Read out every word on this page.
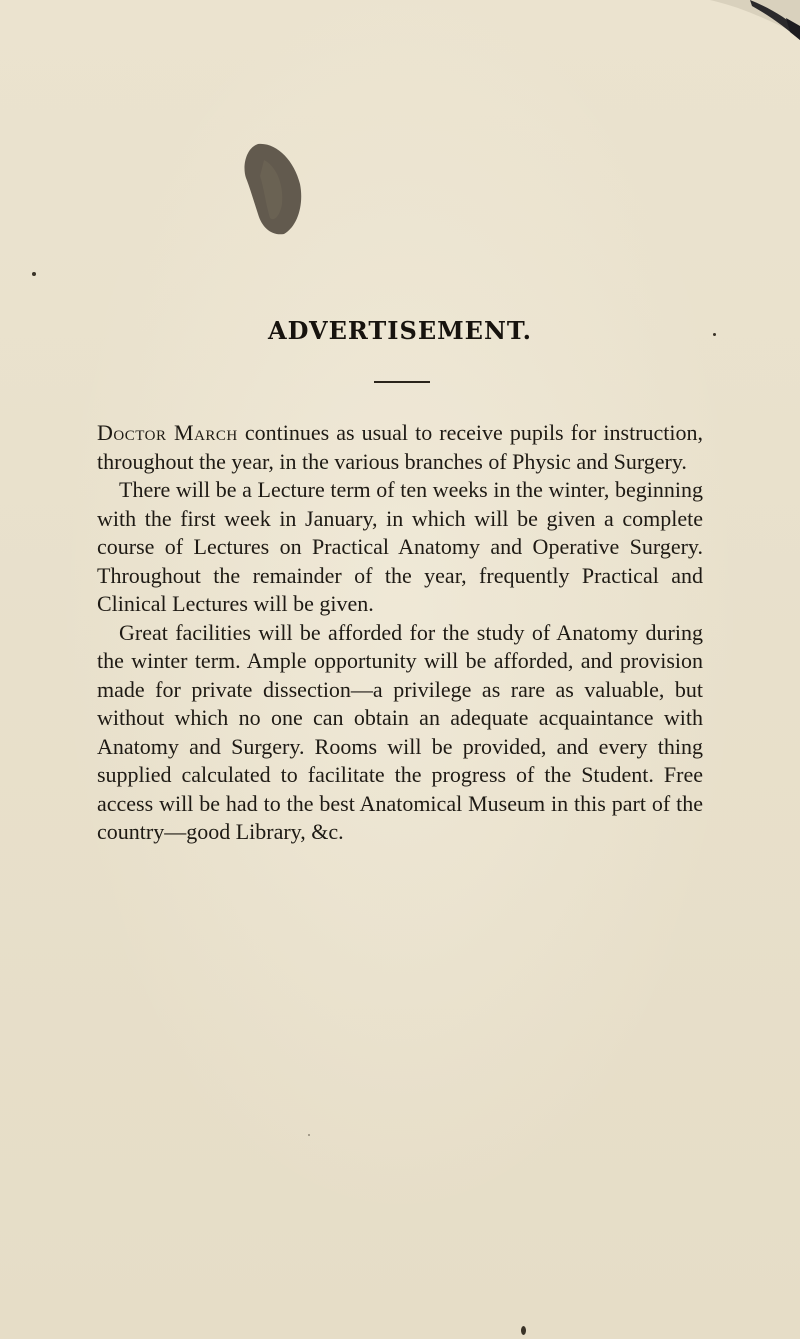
ADVERTISEMENT.

Doctor March continues as usual to receive pupils for instruction, throughout the year, in the various branches of Physic and Surgery.

There will be a Lecture term of ten weeks in the winter, beginning with the first week in January, in which will be given a complete course of Lectures on Practical Anatomy and Operative Surgery. Throughout the remainder of the year, frequently Practical and Clinical Lectures will be given.

Great facilities will be afforded for the study of Anatomy during the winter term. Ample opportunity will be afforded, and provision made for private dissection—a privilege as rare as valuable, but without which no one can obtain an adequate acquaintance with Anatomy and Surgery. Rooms will be provided, and every thing supplied calculated to facilitate the progress of the Student. Free access will be had to the best Anatomical Museum in this part of the country—good Library, &c.
